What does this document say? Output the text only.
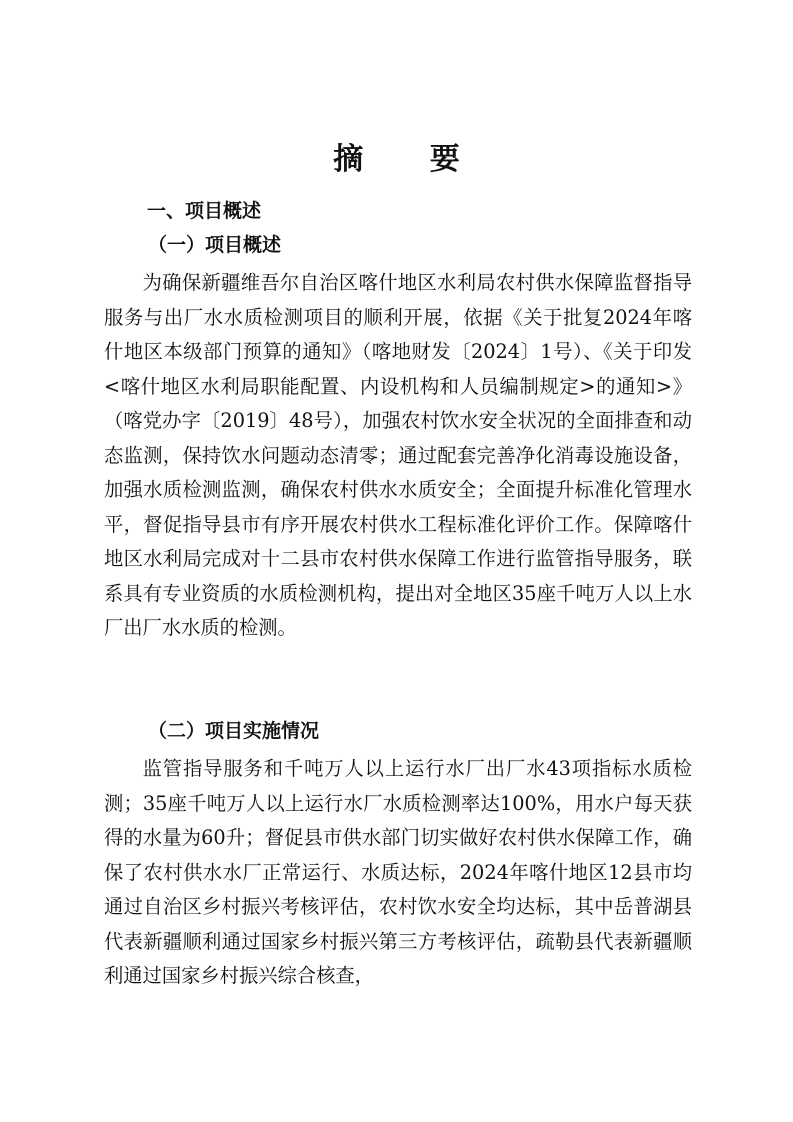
摘 要
一、项目概述
（一）项目概述

为确保新疆维吾尔自治区喀什地区水利局农村供水保障监督指导服务与出厂水水质检测项目的顺利开展，依据《关于批复2024年喀什地区本级部门预算的通知》（喀地财发〔2024〕1号）、《关于印发<喀什地区水利局职能配置、内设机构和人员编制规定>的通知>》（喀党办字〔2019〕48号），加强农村饮水安全状况的全面排查和动态监测，保持饮水问题动态清零；通过配套完善净化消毒设施设备，加强水质检测监测，确保农村供水水质安全；全面提升标准化管理水平，督促指导县市有序开展农村供水工程标准化评价工作。保障喀什地区水利局完成对十二县市农村供水保障工作进行监管指导服务，联系具有专业资质的水质检测机构，提出对全地区35座千吨万人以上水厂出厂水水质的检测。

（二）项目实施情况

监管指导服务和千吨万人以上运行水厂出厂水43项指标水质检测；35座千吨万人以上运行水厂水质检测率达100%，用水户每天获得的水量为60升；督促县市供水部门切实做好农村供水保障工作，确保了农村供水水厂正常运行、水质达标，2024年喀什地区12县市均通过自治区乡村振兴考核评估，农村饮水安全均达标，其中岳普湖县代表新疆顺利通过国家乡村振兴第三方考核评估，疏勒县代表新疆顺利通过国家乡村振兴综合核查，
